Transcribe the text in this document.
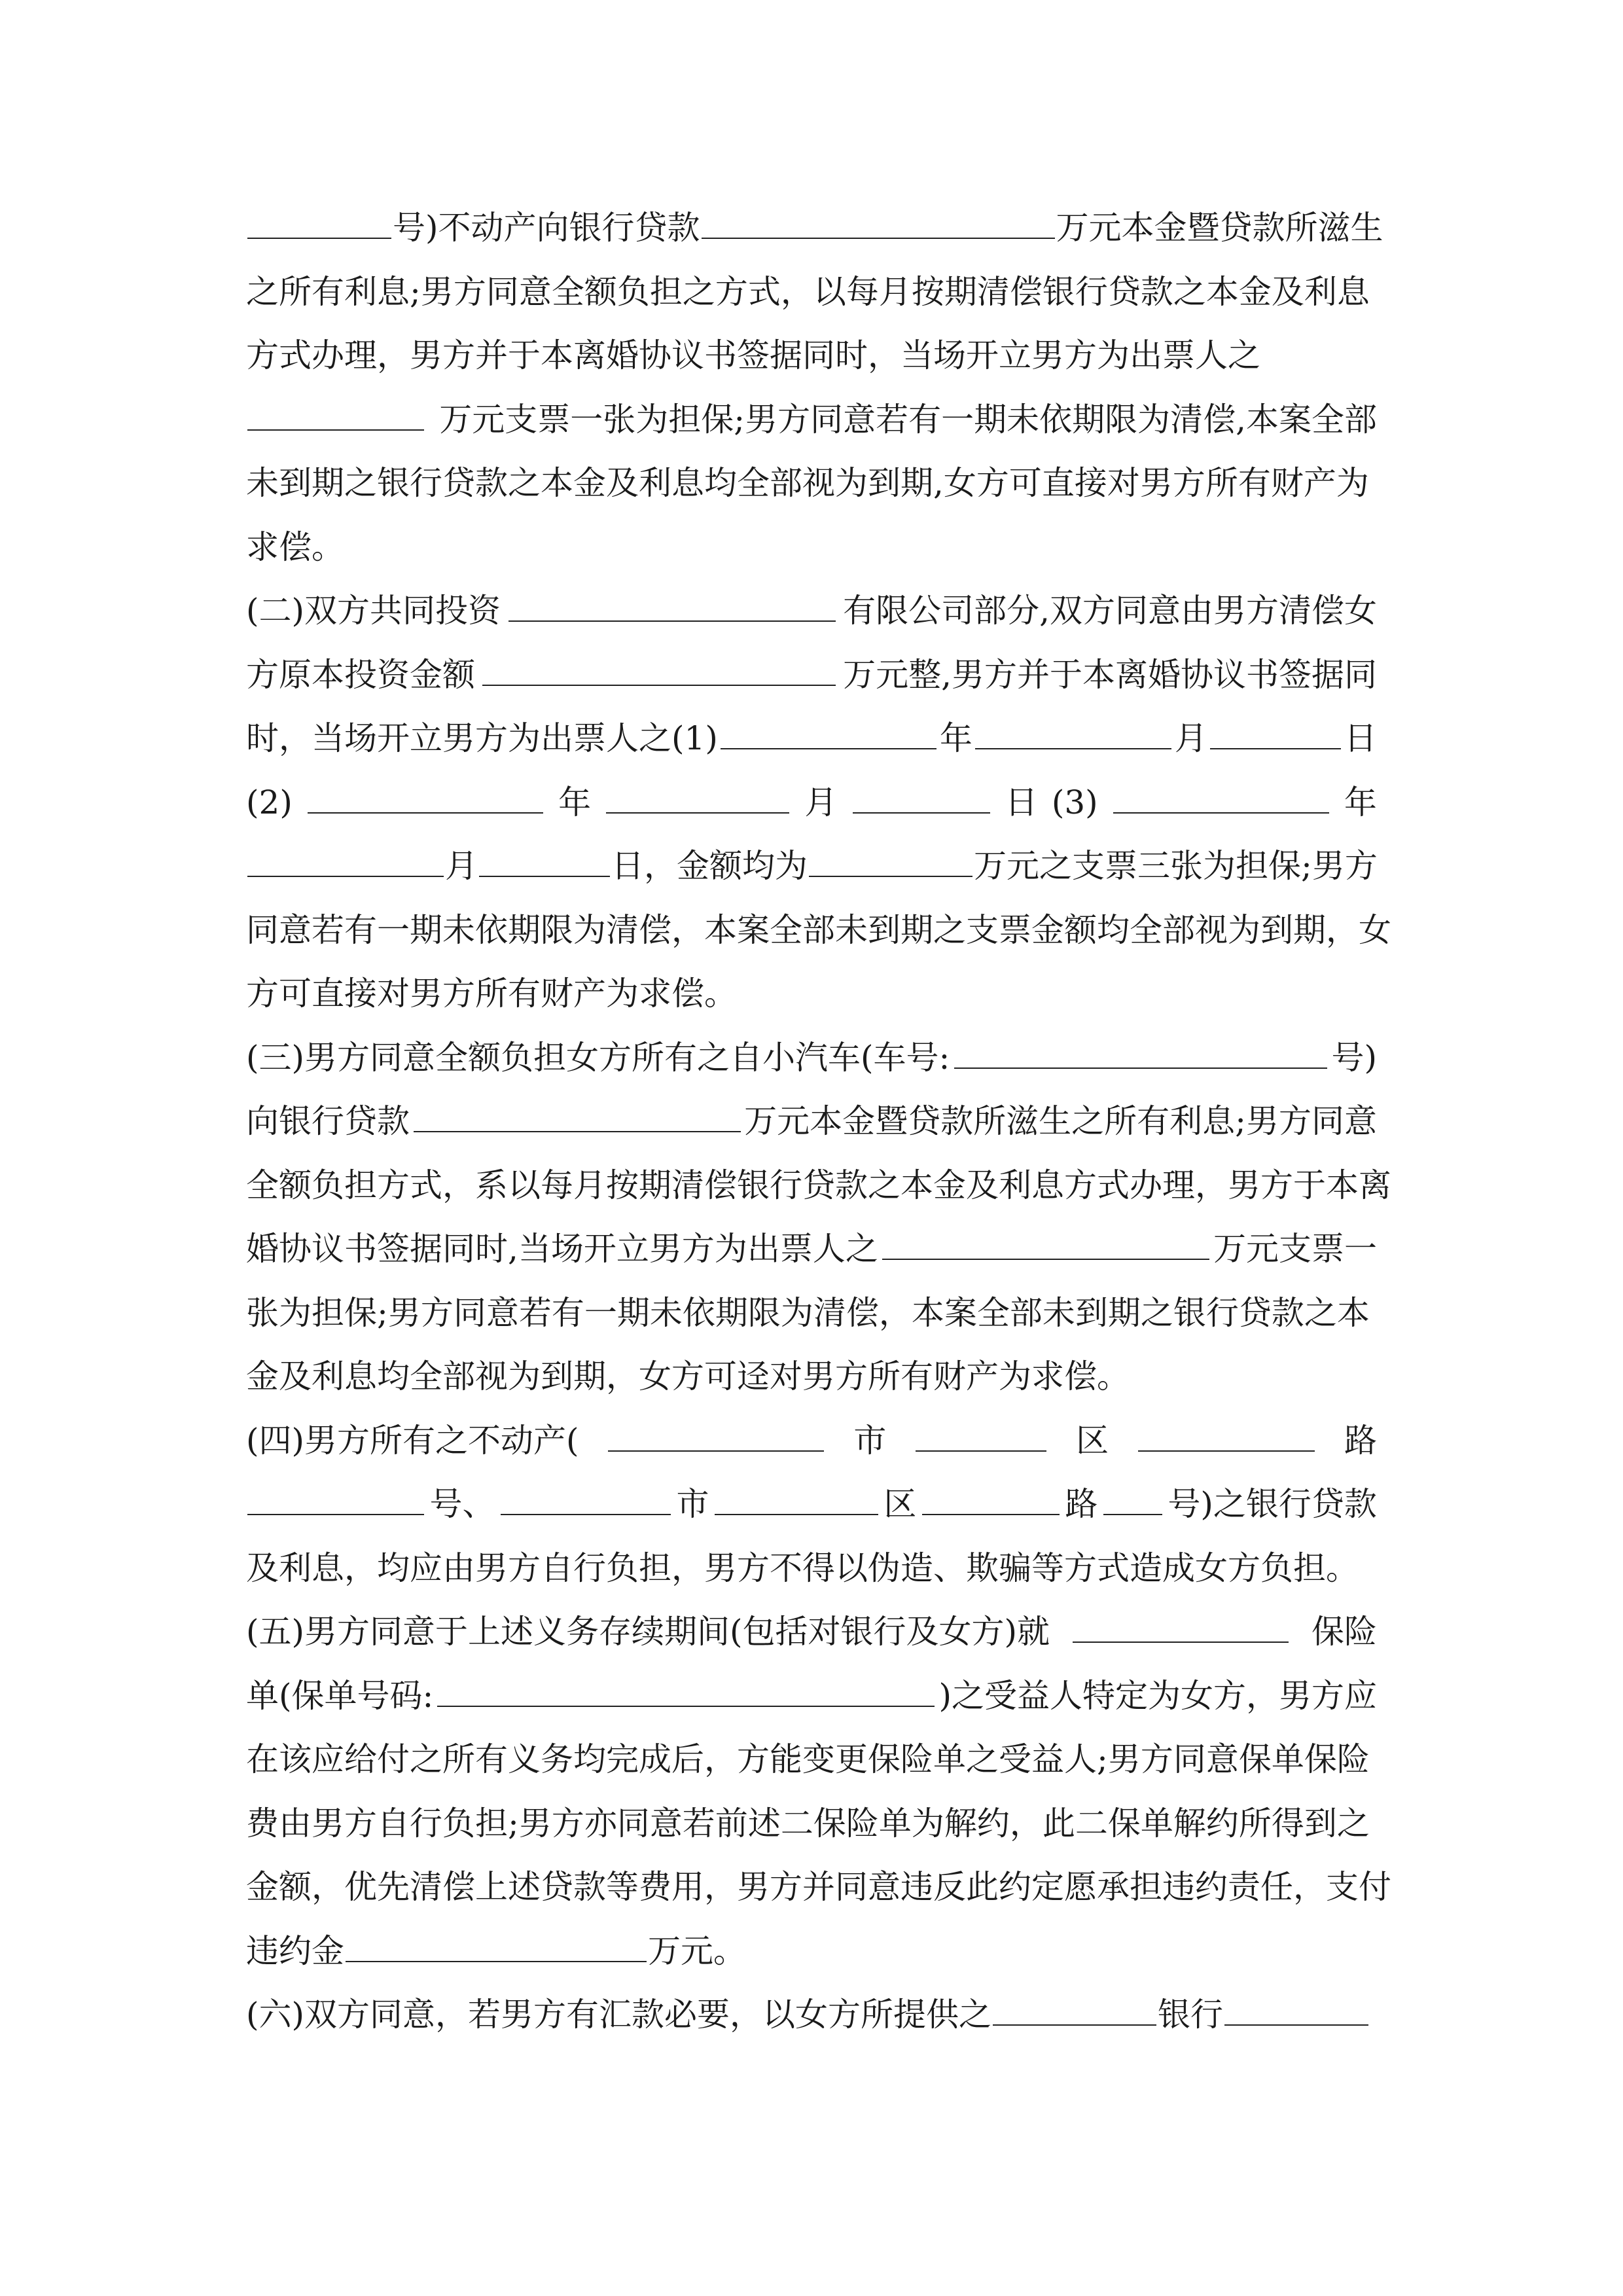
号)不动产向银行贷款	万元本金暨贷款所滋生
之所有利息;男方同意全额负担之方式，以每月按期清偿银行贷款之本金及利息
方式办理，男方并于本离婚协议书签据同时，当场开立男方为出票人之
万元支票一张为担保;男方同意若有一期未依期限为清偿,本案全部
未到期之银行贷款之本金及利息均全部视为到期,女方可直接对男方所有财产为
求偿。
(二)双方共同投资	有限公司部分,双方同意由男方清偿女
方原本投资金额	万元整,男方并于本离婚协议书签据同
时，当场开立男方为出票人之(1)	年	月	日
(2)	年	月	日 (3)	年
月	日，金额均为	万元之支票三张为担保;男方
同意若有一期未依期限为清偿，本案全部未到期之支票金额均全部视为到期，女
方可直接对男方所有财产为求偿。
(三)男方同意全额负担女方所有之自小汽车(车号:	号)
向银行贷款	万元本金暨贷款所滋生之所有利息;男方同意
全额负担方式，系以每月按期清偿银行贷款之本金及利息方式办理，男方于本离
婚协议书签据同时,当场开立男方为出票人之	万元支票一
张为担保;男方同意若有一期未依期限为清偿，本案全部未到期之银行贷款之本
金及利息均全部视为到期，女方可迳对男方所有财产为求偿。
(四)男方所有之不动产(	市	区	路
号、	市	区	路 号)之银行贷款
及利息，均应由男方自行负担，男方不得以伪造、欺骗等方式造成女方负担。
(五)男方同意于上述义务存续期间(包括对银行及女方)就	保险
单(保单号码:	)之受益人特定为女方，男方应
在该应给付之所有义务均完成后，方能变更保险单之受益人;男方同意保单保险
费由男方自行负担;男方亦同意若前述二保险单为解约，此二保单解约所得到之
金额，优先清偿上述贷款等费用，男方并同意违反此约定愿承担违约责任，支付
违约金	万元。
(六)双方同意，若男方有汇款必要，以女方所提供之	银行
